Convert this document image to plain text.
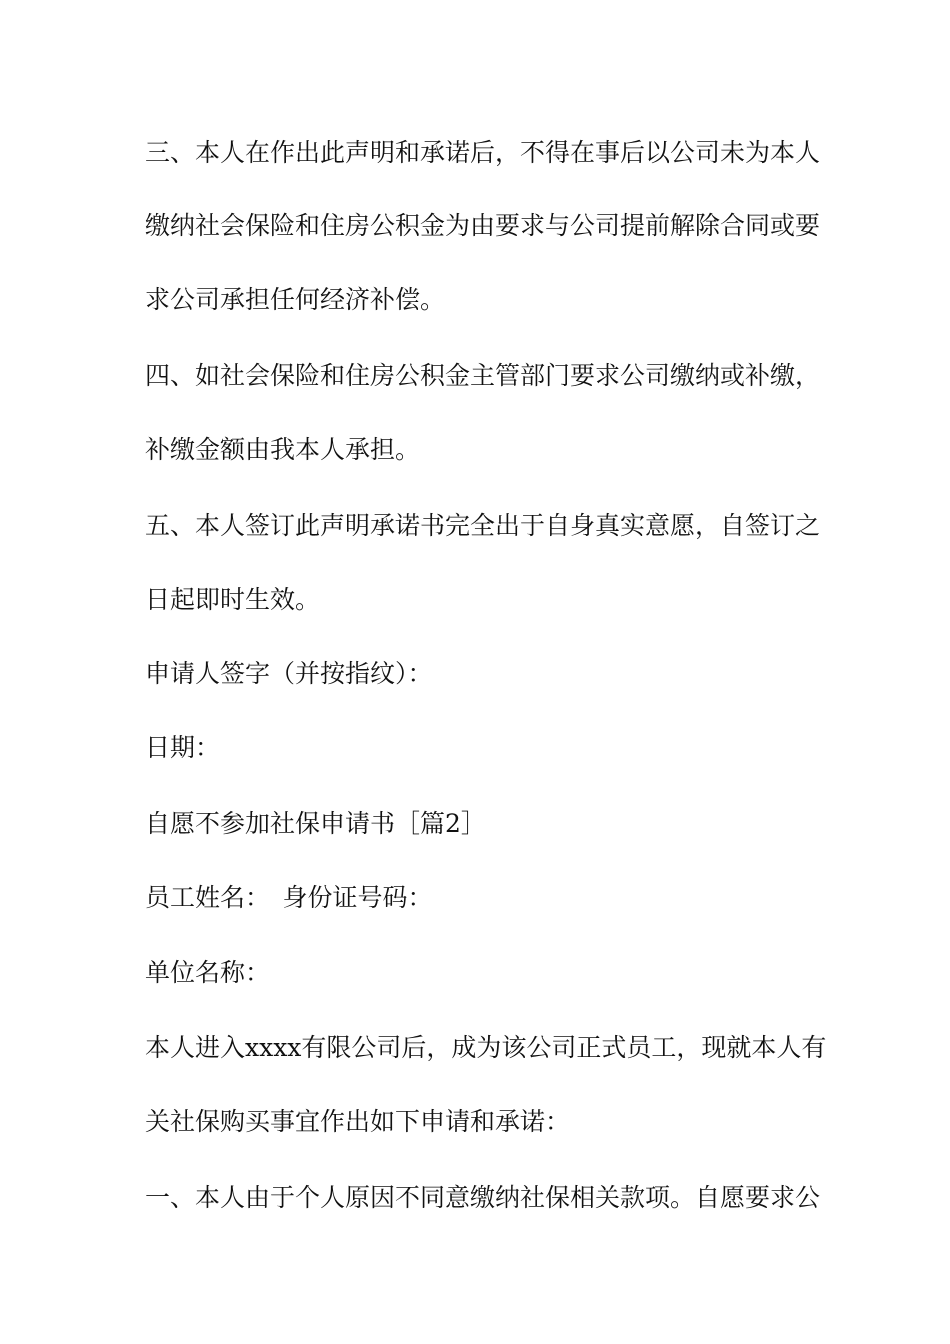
三、本人在作出此声明和承诺后，不得在事后以公司未为本人
缴纳社会保险和住房公积金为由要求与公司提前解除合同或要
求公司承担任何经济补偿。
四、如社会保险和住房公积金主管部门要求公司缴纳或补缴，
补缴金额由我本人承担。
五、本人签订此声明承诺书完全出于自身真实意愿，自签订之
日起即时生效。
申请人签字（并按指纹）：
日期：
自愿不参加社保申请书［篇2］
员工姓名：　身份证号码：
单位名称：
本人进入xxxx有限公司后，成为该公司正式员工，现就本人有
关社保购买事宜作出如下申请和承诺：
一、本人由于个人原因不同意缴纳社保相关款项。自愿要求公
